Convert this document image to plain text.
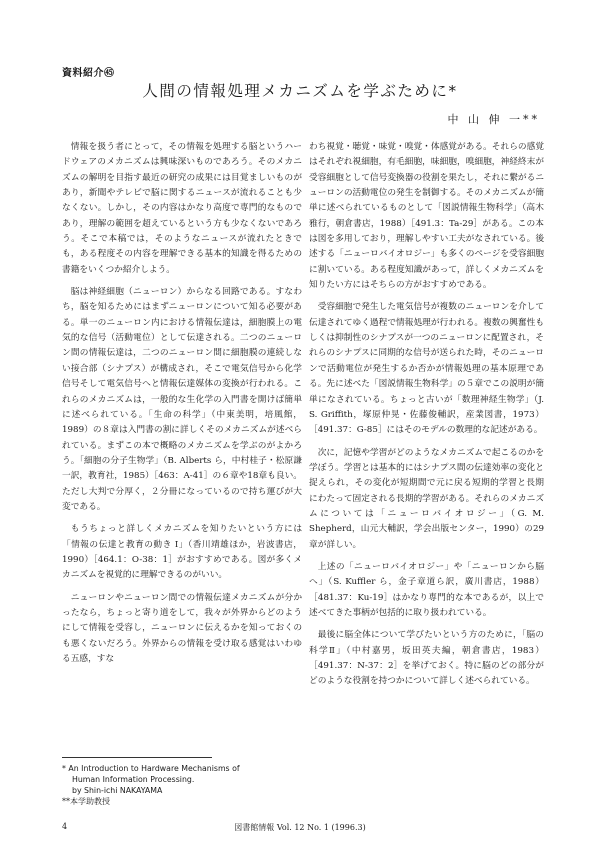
資料紹介㊺
人間の情報処理メカニズムを学ぶために*
中 山 伸 一**

情報を扱う者にとって，その情報を処理する脳というハードウェアのメカニズムは興味深いものであろう。そのメカニズムの解明を目指す最近の研究の成果には目覚ましいものがあり，新聞やテレビで脳に関するニュースが流れることも少なくない。しかし，その内容はかなり高度で専門的なものであり，理解の範囲を超えているという方も少なくないであろう。そこで本稿では，そのようなニュースが流れたときでも，ある程度その内容を理解できる基本的知識を得るための書籍をいくつか紹介しよう。

脳は神経細胞（ニューロン）からなる回路である。すなわち，脳を知るためにはまずニューロンについて知る必要がある。単一のニューロン内における情報伝達は，細胞膜上の電気的な信号（活動電位）として伝達される。二つのニューロン間の情報伝達は，二つのニューロン間に細胞膜の連続しない接合部（シナプス）が構成され，そこで電気信号から化学信号そして電気信号へと情報伝達媒体の変換が行われる。これらのメカニズムは，一般的な生化学の入門書を開けば簡単に述べられている。「生命の科学」（中東美明，培風館，1989）の８章は入門書の割に詳しくそのメカニズムが述べられている。まずこの本で概略のメカニズムを学ぶのがよかろう。「細胞の分子生物学」（B. Alberts ら，中村桂子・松原謙一訳，教育社，1985）［463：A-41］の６章や18章も良い。ただし大判で分厚く，２分冊になっているので持ち運びが大変である。

もうちょっと詳しくメカニズムを知りたいという方には「情報の伝達と教育の動き Ⅰ」（香川靖雄ほか，岩波書店，1990）［464.1：O-38：1］がおすすめである。図が多くメカニズムを視覚的に理解できるのがいい。

ニューロンやニューロン間での情報伝達メカニズムが分かったなら，ちょっと寄り道をして，我々が外界からどのようにして情報を受容し，ニューロンに伝えるかを知っておくのも悪くないだろう。外界からの情報を受け取る感覚はいわゆる五感，すな

わち視覚・聴覚・味覚・嗅覚・体感覚がある。それらの感覚はそれぞれ視細胞，有毛細胞，味細胞，嗅細胞，神経終末が受容細胞として信号変換器の役割を果たし，それに繋がるニューロンの活動電位の発生を制御する。そのメカニズムが簡単に述べられているものとして「図説情報生物科学」（高木雅行，朝倉書店，1988）［491.3：Ta-29］がある。この本は図を多用しており，理解しやすい工夫がなされている。後述する「ニューロバイオロジー」も多くのページを受容細胞に割いている。ある程度知識があって，詳しくメカニズムを知りたい方にはそちらの方がおすすめである。

受容細胞で発生した電気信号が複数のニューロンを介して伝達されてゆく過程で情報処理が行われる。複数の興奮性もしくは抑制性のシナプスが一つのニューロンに配置され，それらのシナプスに同期的な信号が送られた時，そのニューロンで活動電位が発生するか否かが情報処理の基本原理である。先に述べた「図説情報生物科学」の５章でこの説明が簡単になされている。ちょっと古いが「数理神経生物学」（J. S. Griffith，塚原仲晃・佐藤俊輔訳，産業図書，1973）［491.37：G-85］にはそのモデルの数理的な記述がある。

次に，記憶や学習がどのようなメカニズムで起こるのかを学ぼう。学習とは基本的にはシナプス間の伝達効率の変化と捉えられ，その変化が短期間で元に戻る短期的学習と長期にわたって固定される長期的学習がある。それらのメカニズムについては「ニューロバイオロジー」（G. M. Shepherd，山元大輔訳，学会出版センター，1990）の29章が詳しい。

上述の「ニューロバイオロジー」や「ニューロンから脳へ」（S. Kuffler ら，金子章道ら訳，廣川書店，1988）［481.37：Ku-19］はかなり専門的な本であるが，以上で述べてきた事柄が包括的に取り扱われている。

最後に脳全体について学びたいという方のために，「脳の科学Ⅱ」（中村嘉男，坂田英夫編，朝倉書店，1983）［491.37：N-37：2］を挙げておく。特に脳のどの部分がどのような役割を持つかについて詳しく述べられている。

* An Introduction to Hardware Mechanisms of
Human Information Processing.
by Shin-ichi NAKAYAMA
**本学助教授
4	図書館情報 Vol. 12 No. 1 (1996.3)
